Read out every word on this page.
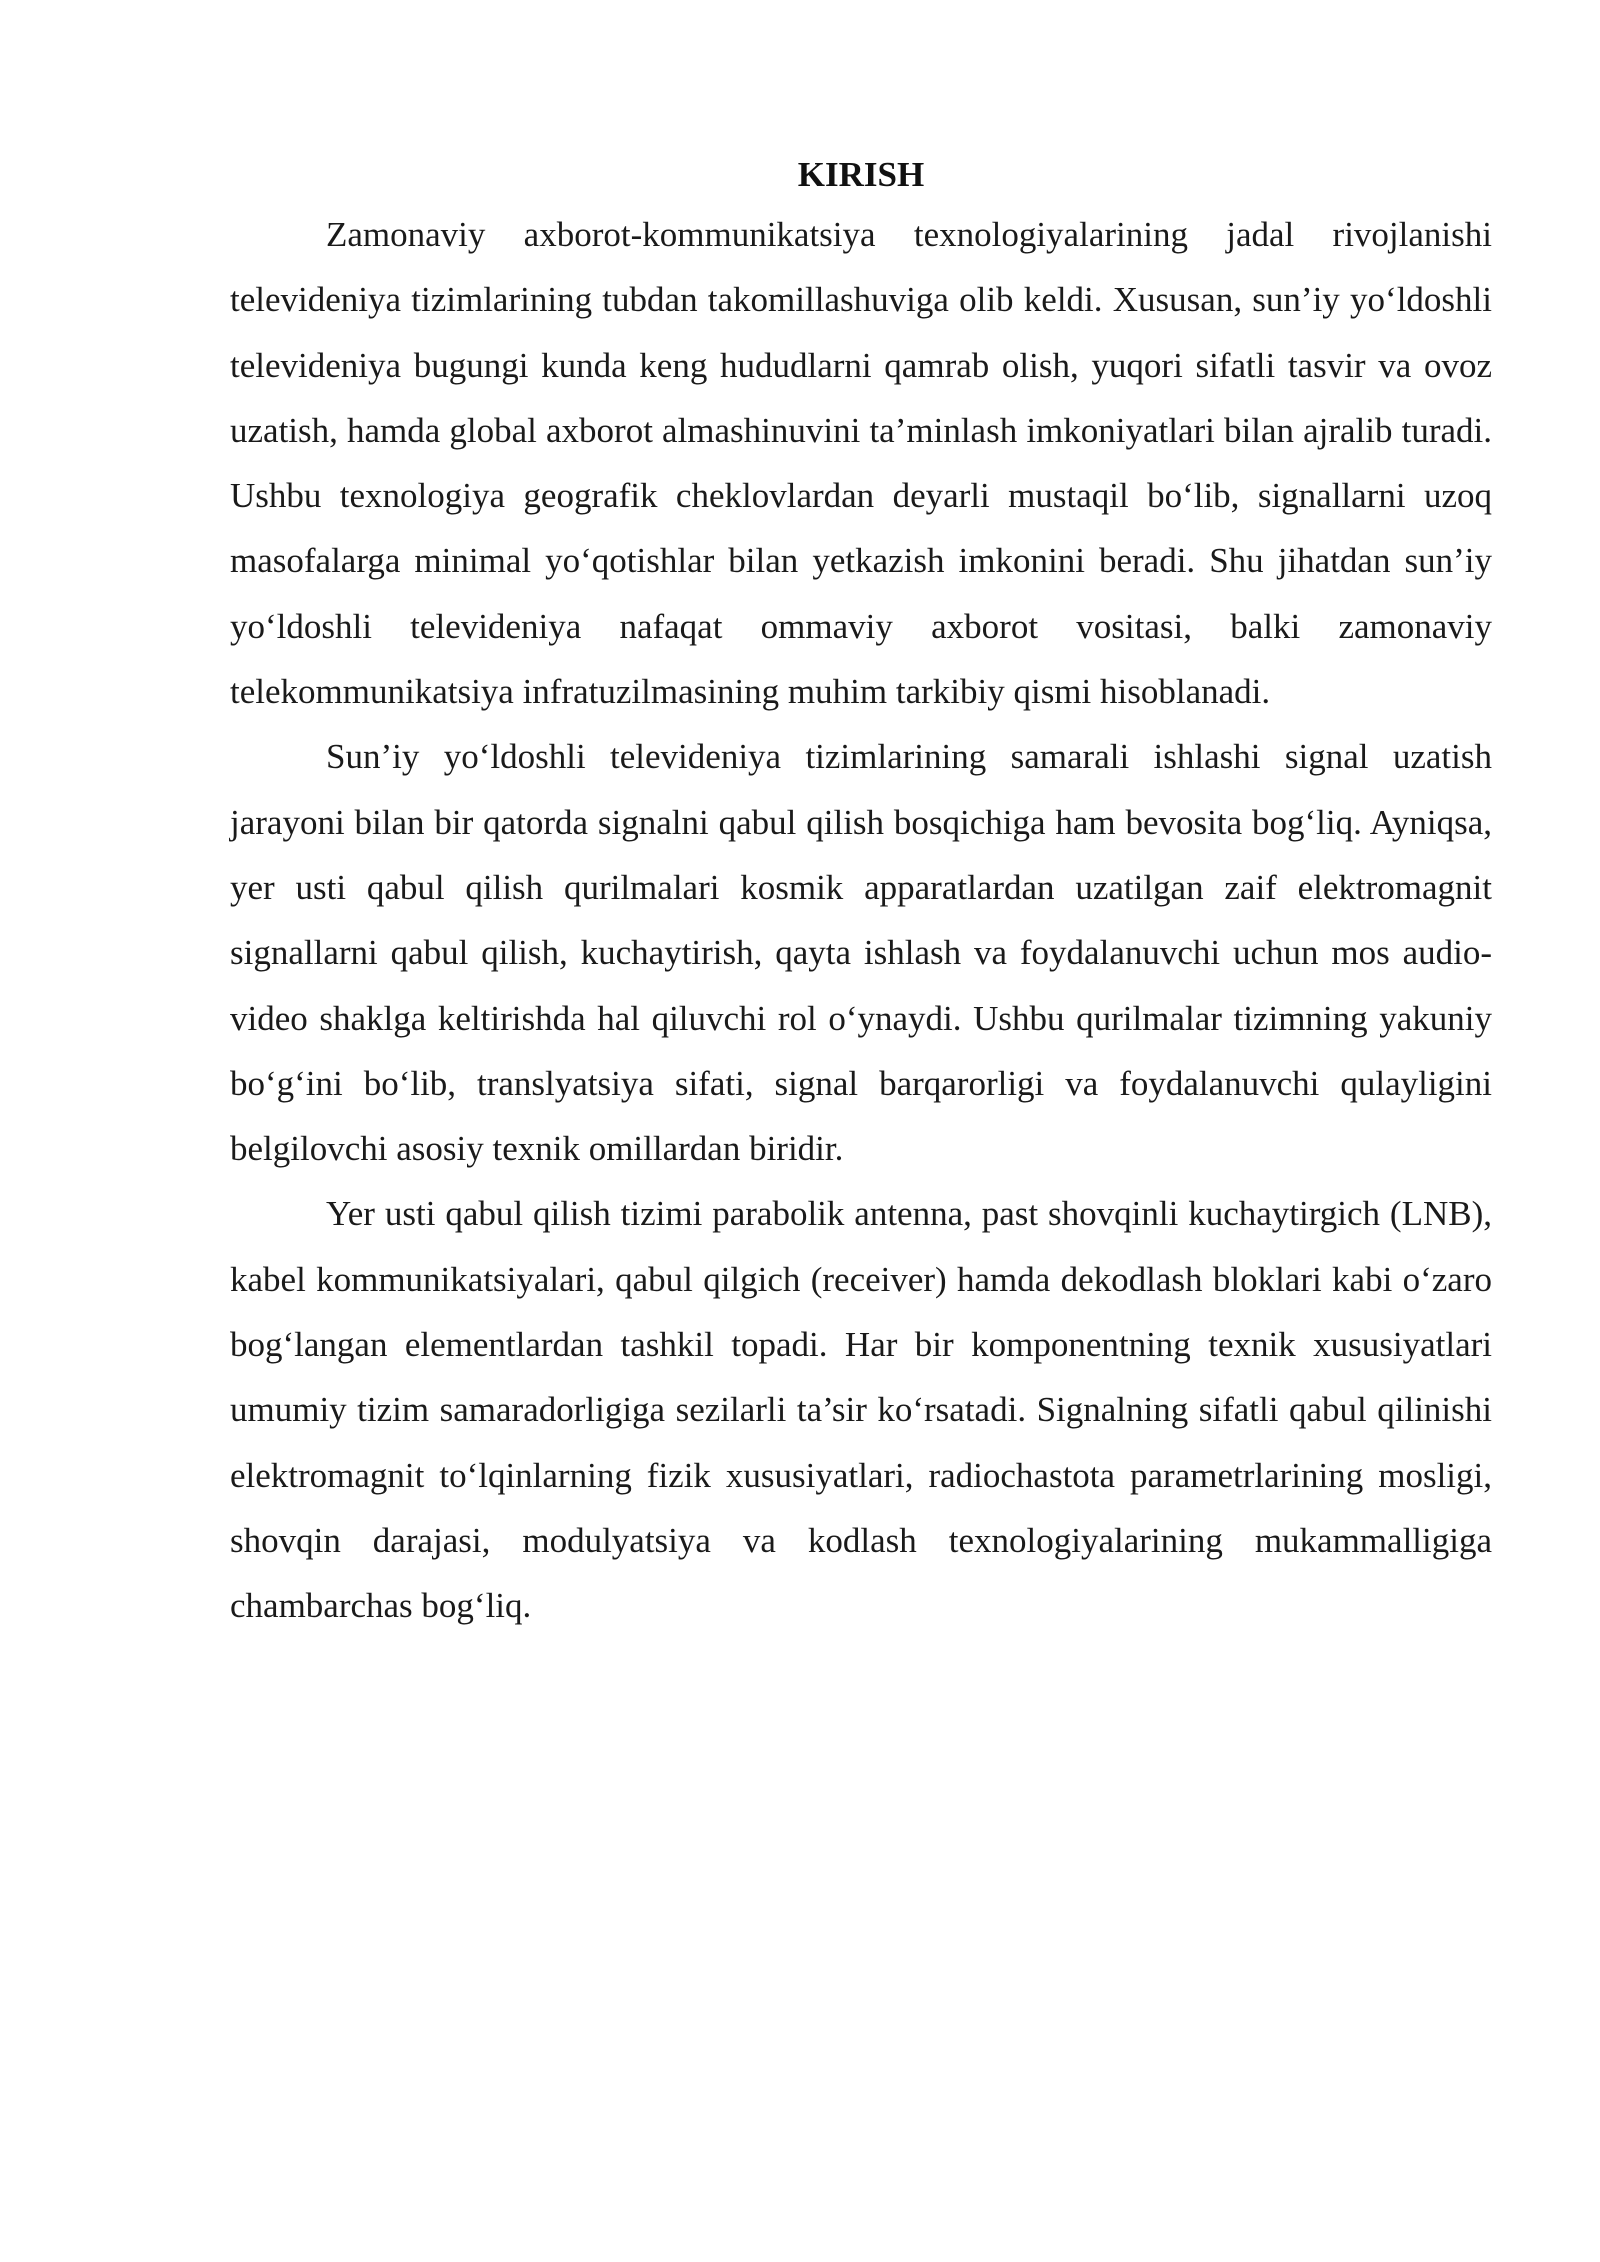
KIRISH

Zamonaviy axborot-kommunikatsiya texnologiyalarining jadal rivojlanishi televideniya tizimlarining tubdan takomillashuviga olib keldi. Xususan, sun’iy yo‘ldoshli televideniya bugungi kunda keng hududlarni qamrab olish, yuqori sifatli tasvir va ovoz uzatish, hamda global axborot almashinuvini ta’minlash imkoniyatlari bilan ajralib turadi. Ushbu texnologiya geografik cheklovlardan deyarli mustaqil bo‘lib, signallarni uzoq masofalarga minimal yo‘qotishlar bilan yetkazish imkonini beradi. Shu jihatdan sun’iy yo‘ldoshli televideniya nafaqat ommaviy axborot vositasi, balki zamonaviy telekommunikatsiya infratuzilmasining muhim tarkibiy qismi hisoblanadi.

Sun’iy yo‘ldoshli televideniya tizimlarining samarali ishlashi signal uzatish jarayoni bilan bir qatorda signalni qabul qilish bosqichiga ham bevosita bog‘liq. Ayniqsa, yer usti qabul qilish qurilmalari kosmik apparatlardan uzatilgan zaif elektromagnit signallarni qabul qilish, kuchaytirish, qayta ishlash va foydalanuvchi uchun mos audio-video shaklga keltirishda hal qiluvchi rol o‘ynaydi. Ushbu qurilmalar tizimning yakuniy bo‘g‘ini bo‘lib, translyatsiya sifati, signal barqarorligi va foydalanuvchi qulayligini belgilovchi asosiy texnik omillardan biridir.

Yer usti qabul qilish tizimi parabolik antenna, past shovqinli kuchaytirgich (LNB), kabel kommunikatsiyalari, qabul qilgich (receiver) hamda dekodlash bloklari kabi o‘zaro bog‘langan elementlardan tashkil topadi. Har bir komponentning texnik xususiyatlari umumiy tizim samaradorligiga sezilarli ta’sir ko‘rsatadi. Signalning sifatli qabul qilinishi elektromagnit to‘lqinlarning fizik xususiyatlari, radiochastota parametrlarining mosligi, shovqin darajasi, modulyatsiya va kodlash texnologiyalarining mukammalligiga chambarchas bog‘liq.
